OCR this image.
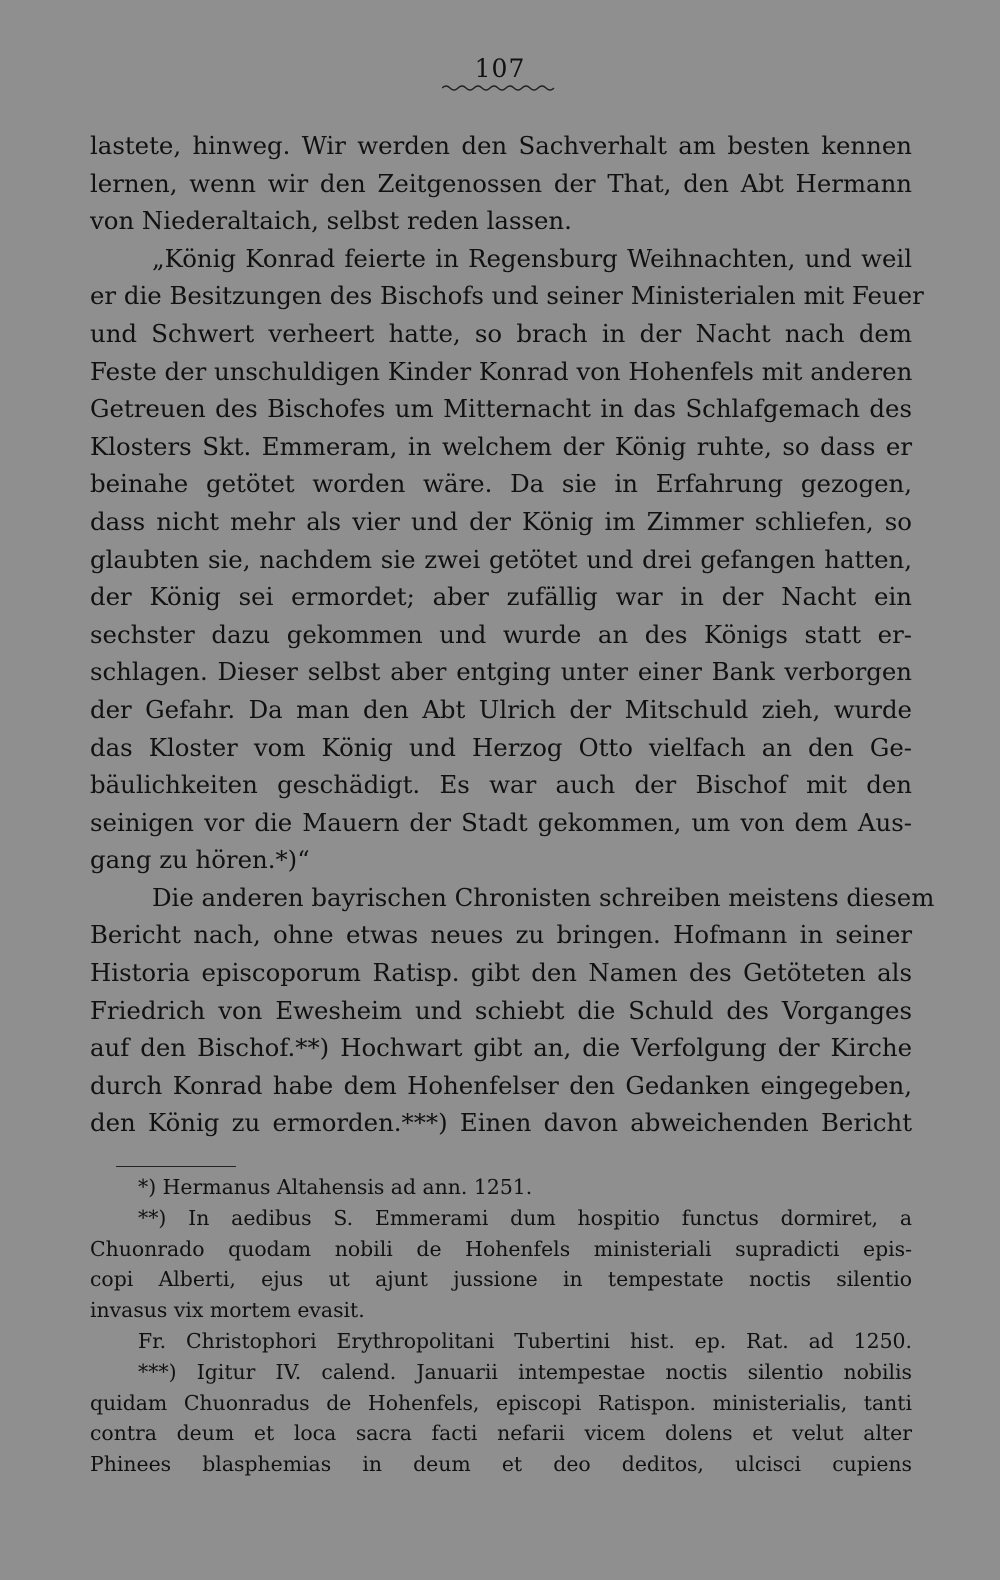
107
lastete, hinweg. Wir werden den Sachverhalt am besten kennen
lernen, wenn wir den Zeitgenossen der That, den Abt Hermann
von Niederaltaich, selbst reden lassen.
„König Konrad feierte in Regensburg Weihnachten, und weil
er die Besitzungen des Bischofs und seiner Ministerialen mit Feuer
und Schwert verheert hatte, so brach in der Nacht nach dem
Feste der unschuldigen Kinder Konrad von Hohenfels mit anderen
Getreuen des Bischofes um Mitternacht in das Schlafgemach des
Klosters Skt. Emmeram, in welchem der König ruhte, so dass er
beinahe getötet worden wäre. Da sie in Erfahrung gezogen,
dass nicht mehr als vier und der König im Zimmer schliefen, so
glaubten sie, nachdem sie zwei getötet und drei gefangen hatten,
der König sei ermordet; aber zufällig war in der Nacht ein
sechster dazu gekommen und wurde an des Königs statt er-
schlagen. Dieser selbst aber entging unter einer Bank verborgen
der Gefahr. Da man den Abt Ulrich der Mitschuld zieh, wurde
das Kloster vom König und Herzog Otto vielfach an den Ge-
bäulichkeiten geschädigt. Es war auch der Bischof mit den
seinigen vor die Mauern der Stadt gekommen, um von dem Aus-
gang zu hören.*)“
Die anderen bayrischen Chronisten schreiben meistens diesem
Bericht nach, ohne etwas neues zu bringen. Hofmann in seiner
Historia episcoporum Ratisp. gibt den Namen des Getöteten als
Friedrich von Ewesheim und schiebt die Schuld des Vorganges
auf den Bischof.**) Hochwart gibt an, die Verfolgung der Kirche
durch Konrad habe dem Hohenfelser den Gedanken eingegeben,
den König zu ermorden.***) Einen davon abweichenden Bericht
*) Hermanus Altahensis ad ann. 1251.
**) In aedibus S. Emmerami dum hospitio functus dormiret, a
Chuonrado quodam nobili de Hohenfels ministeriali supradicti epis-
copi Alberti, ejus ut ajunt jussione in tempestate noctis silentio
invasus vix mortem evasit.
Fr. Christophori Erythropolitani Tubertini hist. ep. Rat. ad 1250.
***) Igitur IV. calend. Januarii intempestae noctis silentio nobilis
quidam Chuonradus de Hohenfels, episcopi Ratispon. ministerialis, tanti
contra deum et loca sacra facti nefarii vicem dolens et velut alter
Phinees blasphemias in deum et deo deditos, ulcisci cupiens
